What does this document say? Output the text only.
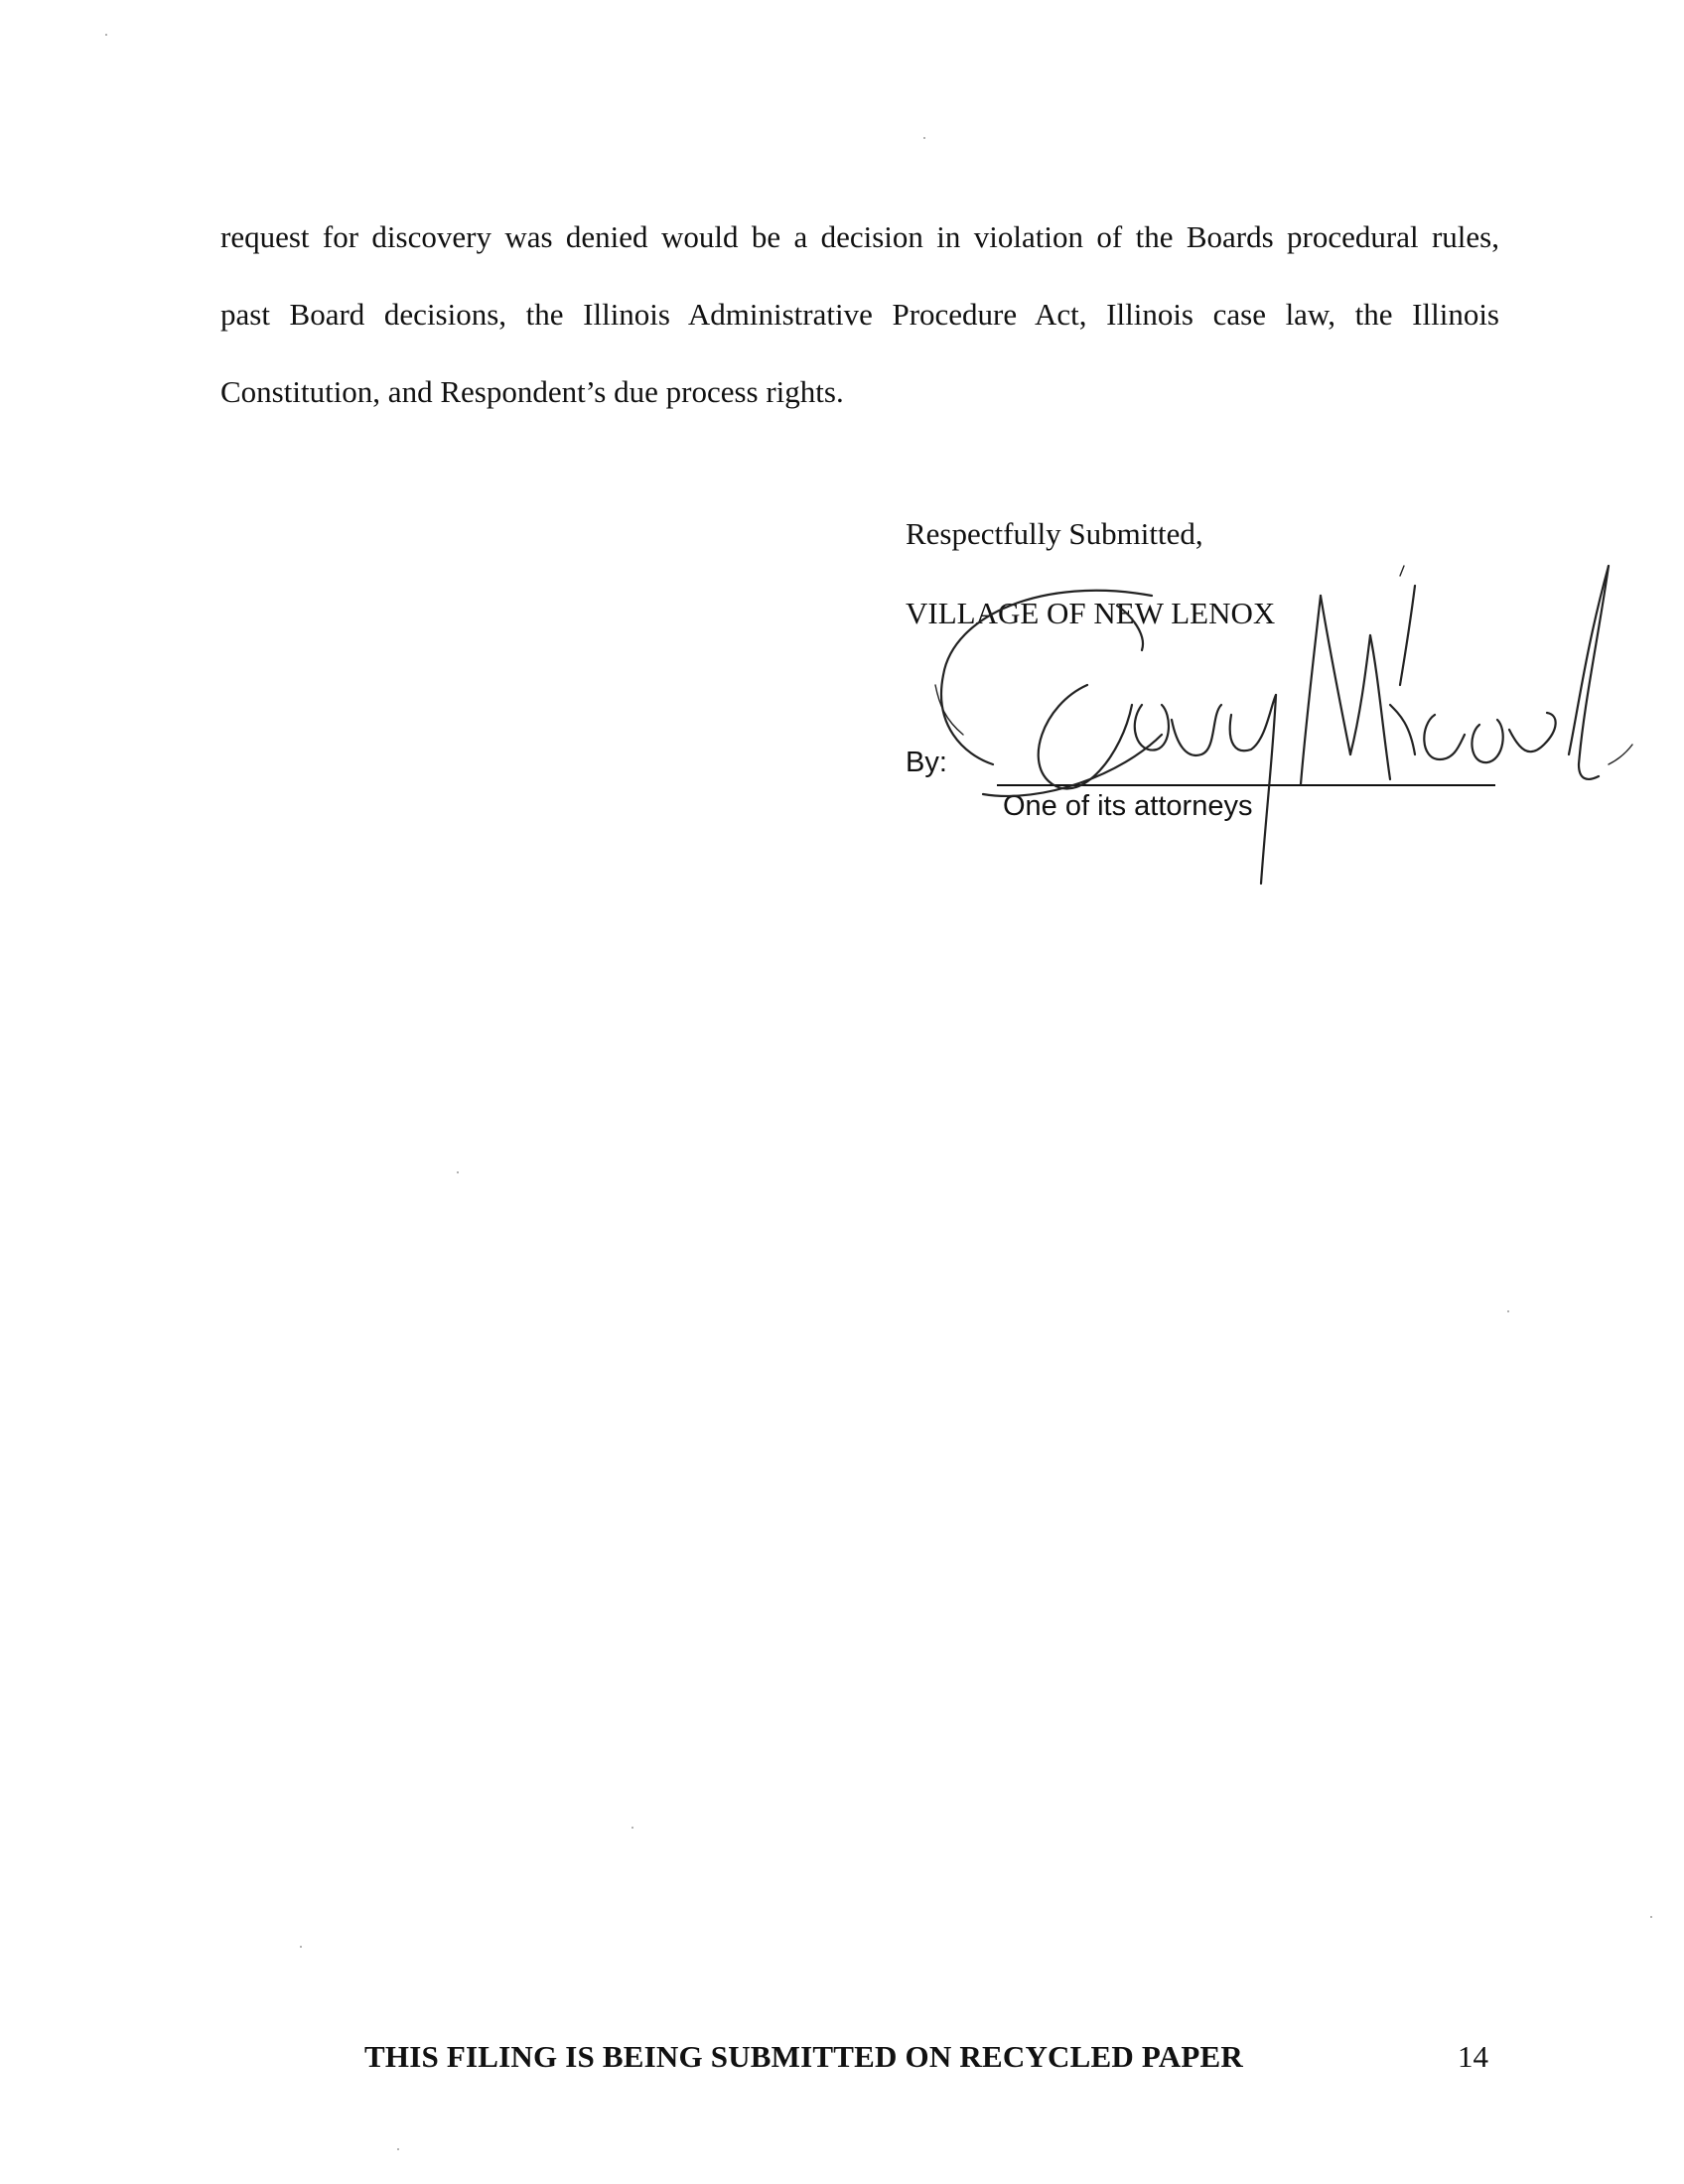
request for discovery was denied would be a decision in violation of the Boards procedural rules,
past Board decisions, the Illinois Administrative Procedure Act, Illinois case law, the Illinois
Constitution, and Respondent’s due process rights.
Respectfully Submitted,
VILLAGE OF NEW LENOX
By:
One of its attorneys
THIS FILING IS BEING SUBMITTED ON RECYCLED PAPER	14
